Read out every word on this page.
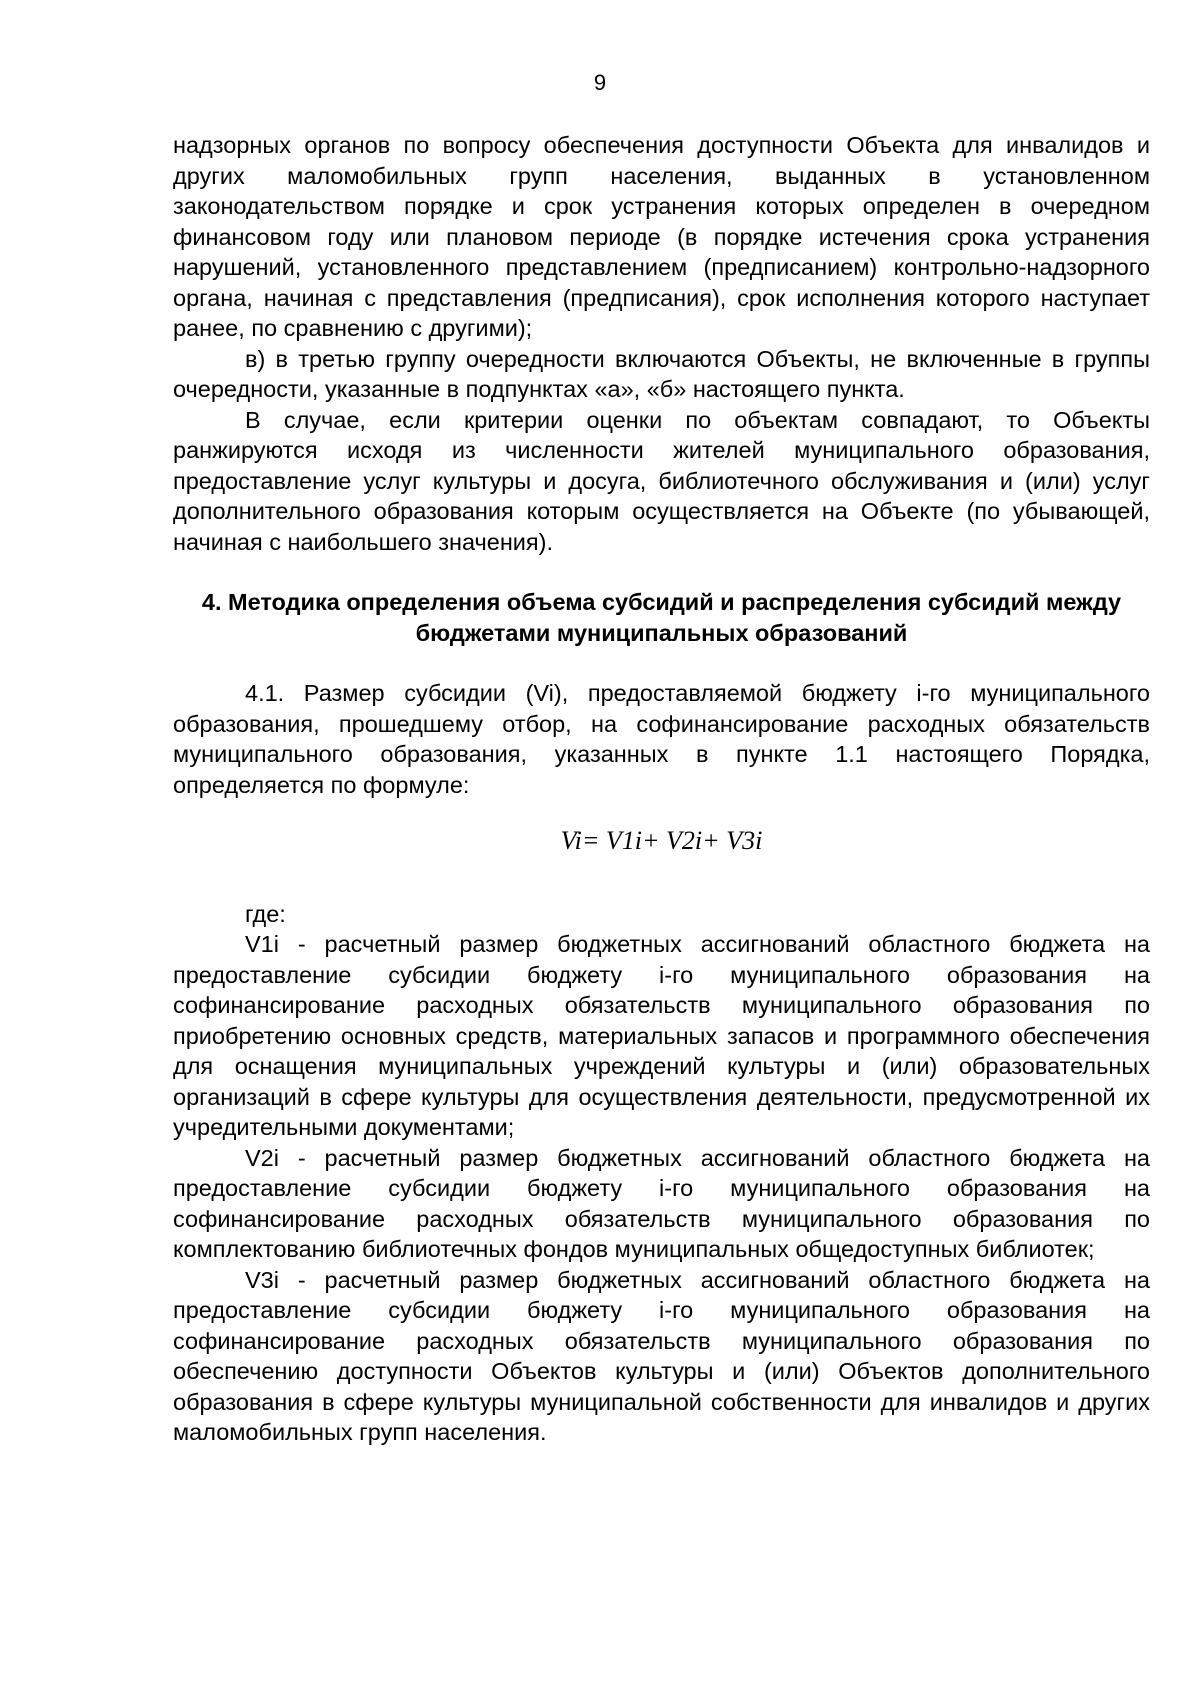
9

надзорных органов по вопросу обеспечения доступности Объекта для инвалидов и других маломобильных групп населения, выданных в установленном законодательством порядке и срок устранения которых определен в очередном финансовом году или плановом периоде (в порядке истечения срока устранения нарушений, установленного представлением (предписанием) контрольно-надзорного органа, начиная с представления (предписания), срок исполнения которого наступает ранее, по сравнению с другими);

в) в третью группу очередности включаются Объекты, не включенные в группы очередности, указанные в подпунктах «а», «б» настоящего пункта.

В случае, если критерии оценки по объектам совпадают, то Объекты ранжируются исходя из численности жителей муниципального образования, предоставление услуг культуры и досуга, библиотечного обслуживания и (или) услуг дополнительного образования которым осуществляется на Объекте (по убывающей, начиная с наибольшего значения).

4. Методика определения объема субсидий и распределения субсидий между бюджетами муниципальных образований

4.1. Размер субсидии (Vi), предоставляемой бюджету i-го муниципального образования, прошедшему отбор, на софинансирование расходных обязательств муниципального образования, указанных в пункте 1.1 настоящего Порядка, определяется по формуле:

Vi= V1i+ V2i+ V3i

где:

V1i - расчетный размер бюджетных ассигнований областного бюджета на предоставление субсидии бюджету i-го муниципального образования на софинансирование расходных обязательств муниципального образования по приобретению основных средств, материальных запасов и программного обеспечения для оснащения муниципальных учреждений культуры и (или) образовательных организаций в сфере культуры для осуществления деятельности, предусмотренной их учредительными документами;

V2i - расчетный размер бюджетных ассигнований областного бюджета на предоставление субсидии бюджету i-го муниципального образования на софинансирование расходных обязательств муниципального образования по комплектованию библиотечных фондов муниципальных общедоступных библиотек;

V3i - расчетный размер бюджетных ассигнований областного бюджета на предоставление субсидии бюджету i-го муниципального образования на софинансирование расходных обязательств муниципального образования по обеспечению доступности Объектов культуры и (или) Объектов дополнительного образования в сфере культуры муниципальной собственности для инвалидов и других маломобильных групп населения.
